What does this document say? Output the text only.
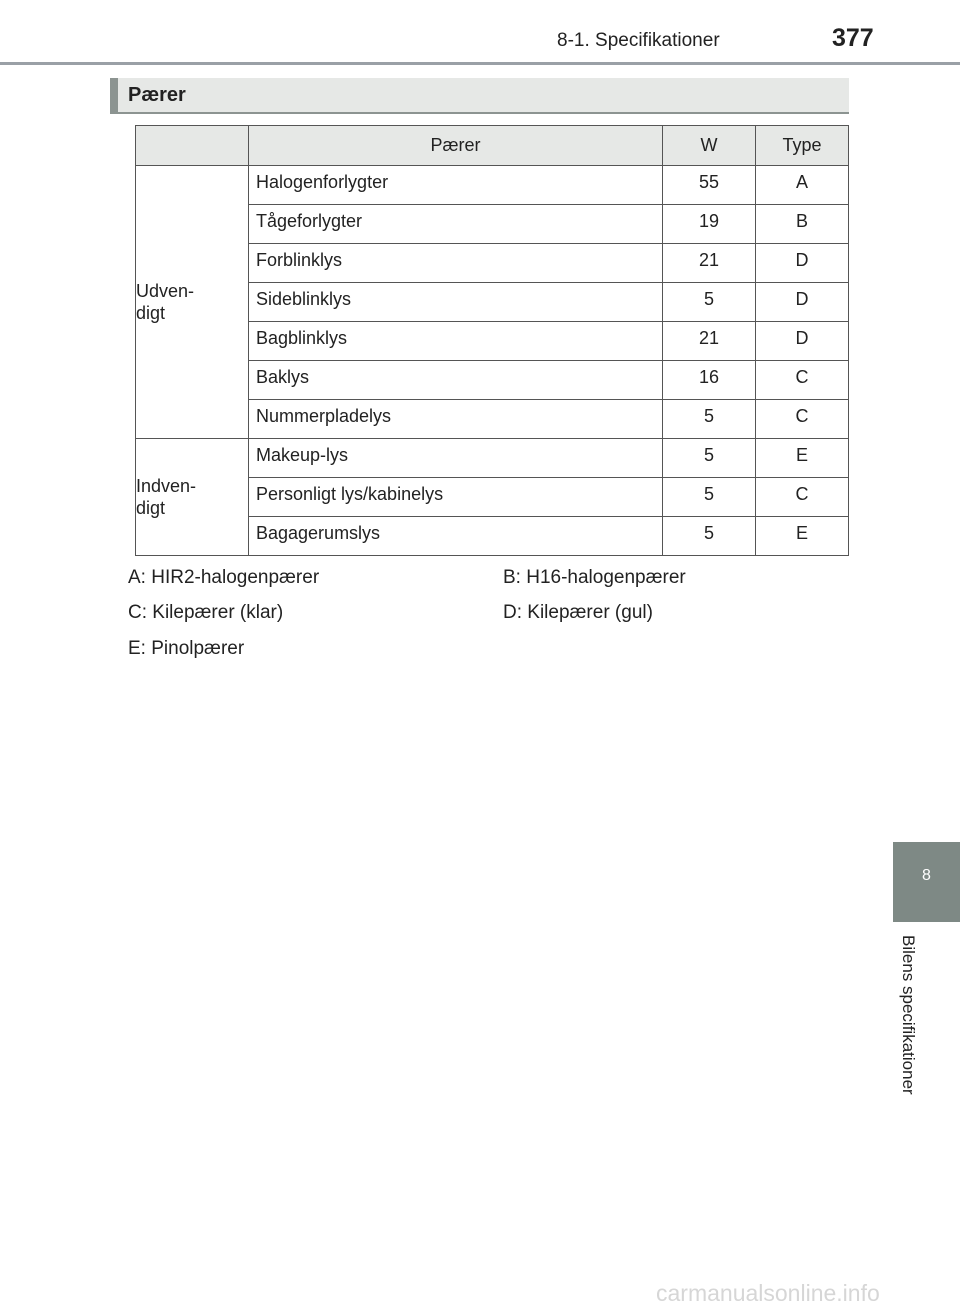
8-1. Specifikationer	377
Pærer
	Pærer	W	Type
Udven-
digt	Halogenforlygter	55	A
	Tågeforlygter	19	B
	Forblinklys	21	D
	Sideblinklys	5	D
	Bagblinklys	21	D
	Baklys	16	C
	Nummerpladelys	5	C
Indven-
digt	Makeup-lys	5	E
	Personligt lys/kabinelys	5	C
	Bagagerumslys	5	E
A: HIR2-halogenpærer	B: H16-halogenpærer
C: Kilepærer (klar)	D: Kilepærer (gul)
E: Pinolpærer
8
Bilens specifikationer
carmanualsonline.info
